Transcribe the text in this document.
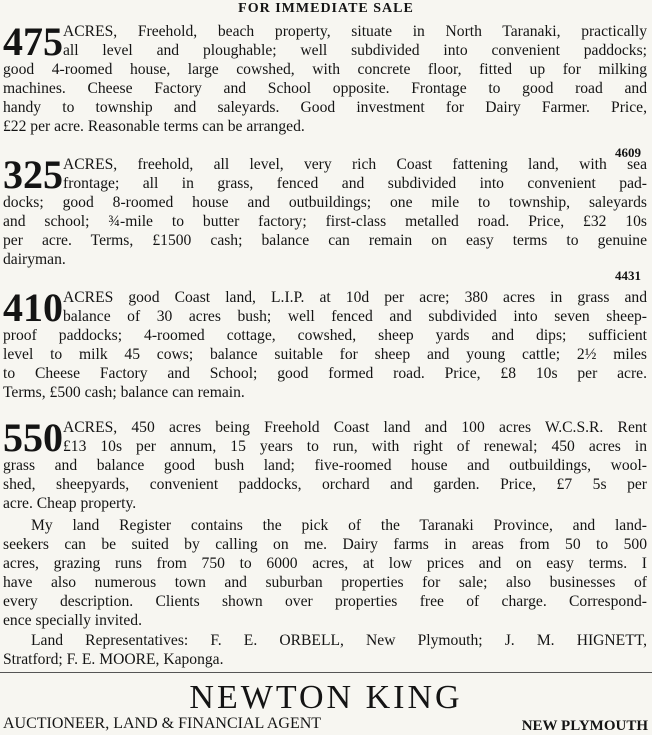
FOR IMMEDIATE SALE
475 ACRES, Freehold, beach property, situate in North Taranaki, practically
all level and ploughable; well subdivided into convenient paddocks;
good 4-roomed house, large cowshed, with concrete floor, fitted up for milking
machines. Cheese Factory and School opposite. Frontage to good road and
handy to township and saleyards. Good investment for Dairy Farmer. Price,
£22 per acre. Reasonable terms can be arranged.
4609
325 ACRES, freehold, all level, very rich Coast fattening land, with sea
frontage; all in grass, fenced and subdivided into convenient pad-
docks; good 8-roomed house and outbuildings; one mile to township, saleyards
and school; ¾-mile to butter factory; first-class metalled road. Price, £32 10s
per acre. Terms, £1500 cash; balance can remain on easy terms to genuine
dairyman.
4431
410 ACRES good Coast land, L.I.P. at 10d per acre; 380 acres in grass and
balance of 30 acres bush; well fenced and subdivided into seven sheep-
proof paddocks; 4-roomed cottage, cowshed, sheep yards and dips; sufficient
level to milk 45 cows; balance suitable for sheep and young cattle; 2½ miles
to Cheese Factory and School; good formed road. Price, £8 10s per acre.
Terms, £500 cash; balance can remain.
550 ACRES, 450 acres being Freehold Coast land and 100 acres W.C.S.R. Rent
£13 10s per annum, 15 years to run, with right of renewal; 450 acres in
grass and balance good bush land; five-roomed house and outbuildings, wool-
shed, sheepyards, convenient paddocks, orchard and garden. Price, £7 5s per
acre. Cheap property.
My land Register contains the pick of the Taranaki Province, and land-
seekers can be suited by calling on me. Dairy farms in areas from 50 to 500
acres, grazing runs from 750 to 6000 acres, at low prices and on easy terms. I
have also numerous town and suburban properties for sale; also businesses of
every description. Clients shown over properties free of charge. Correspond-
ence specially invited.
Land Representatives: F. E. ORBELL, New Plymouth; J. M. HIGNETT,
Stratford; F. E. MOORE, Kaponga.
NEWTON KING
AUCTIONEER, LAND & FINANCIAL AGENT	NEW PLYMOUTH
